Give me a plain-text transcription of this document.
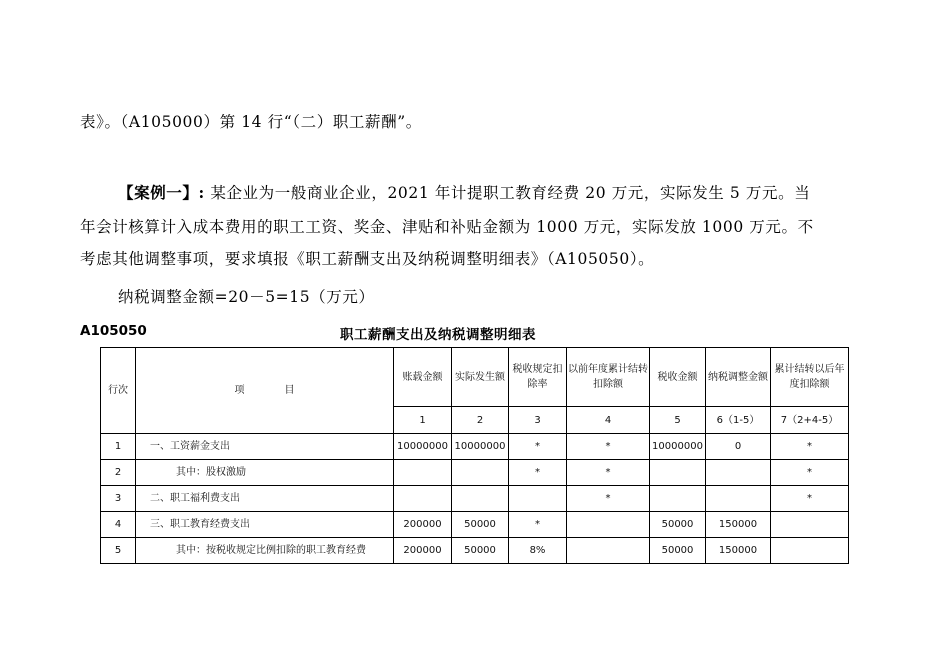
表》。（A105000）第 14 行“（二）职工薪酬”。
【案例一】: 某企业为一般商业企业，2021 年计提职工教育经费 20 万元，实际发生 5 万元。当
年会计核算计入成本费用的职工工资、奖金、津贴和补贴金额为 1000 万元，实际发放 1000 万元。不
考虑其他调整事项，要求填报《职工薪酬支出及纳税调整明细表》（A105050）。
纳税调整金额=20－5=15（万元）
A105050	职工薪酬支出及纳税调整明细表
行次	项　　　　目	账载金额	实际发生额	税收规定扣除率	以前年度累计结转扣除额	税收金额	纳税调整金额	累计结转以后年度扣除额
		1	2	3	4	5	6（1-5）	7（2+4-5）
1	一、工资薪金支出	10000000	10000000	*	*	10000000	0	*
2	其中：股权激励			*	*			*
3	二、职工福利费支出				*			*
4	三、职工教育经费支出	200000	50000	*		50000	150000	
5	其中：按税收规定比例扣除的职工教育经费	200000	50000	8%		50000	150000	
